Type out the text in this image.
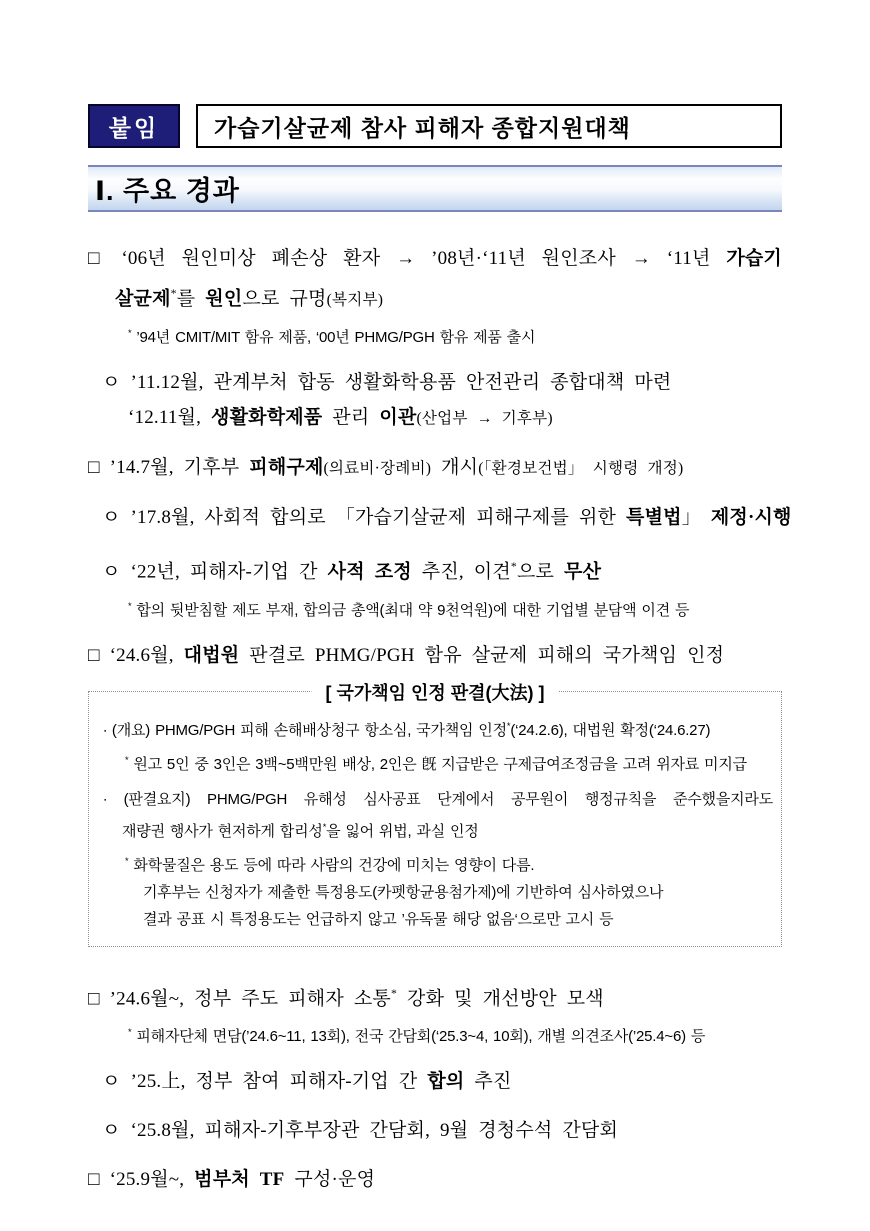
붙임 가습기살균제 참사 피해자 종합지원대책
Ⅰ. 주요 경과
□ ‘06년 원인미상 폐손상 환자 → ’08년·‘11년 원인조사 → ‘11년 가습기
살균제*를 원인으로 규명(복지부)
* ’94년 CMIT/MIT 함유 제품, ‘00년 PHMG/PGH 함유 제품 출시
ㅇ ’11.12월, 관계부처 합동 생활화학용품 안전관리 종합대책 마련
‘12.11월, 생활화학제품 관리 이관(산업부 → 기후부)
□ ’14.7월, 기후부 피해구제(의료비·장례비) 개시(「환경보건법」 시행령 개정)
ㅇ ’17.8월, 사회적 합의로 「가습기살균제 피해구제를 위한 특별법」 제정·시행
ㅇ ‘22년, 피해자-기업 간 사적 조정 추진, 이견*으로 무산
* 합의 뒷받침할 제도 부재, 합의금 총액(최대 약 9천억원)에 대한 기업별 분담액 이견 등
□ ‘24.6월, 대법원 판결로 PHMG/PGH 함유 살균제 피해의 국가책임 인정
[ 국가책임 인정 판결(大法) ]
∙ (개요) PHMG/PGH 피해 손해배상청구 항소심, 국가책임 인정*(‘24.2.6), 대법원 확정(‘24.6.27)
* 원고 5인 중 3인은 3백~5백만원 배상, 2인은 旣 지급받은 구제급여조정금을 고려 위자료 미지급
∙ (판결요지) PHMG/PGH 유해성 심사공표 단계에서 공무원이 행정규칙을 준수했을지라도
재량권 행사가 현저하게 합리성*을 잃어 위법, 과실 인정
* 화학물질은 용도 등에 따라 사람의 건강에 미치는 영향이 다름.
기후부는 신청자가 제출한 특정용도(카펫항균용첨가제)에 기반하여 심사하였으나
결과 공표 시 특정용도는 언급하지 않고 ’유독물 해당 없음‘으로만 고시 등
□ ’24.6월~, 정부 주도 피해자 소통* 강화 및 개선방안 모색
* 피해자단체 면담(’24.6~11, 13회), 전국 간담회(‘25.3~4, 10회), 개별 의견조사(’25.4~6) 등
ㅇ ’25.上, 정부 참여 피해자-기업 간 합의 추진
ㅇ ‘25.8월, 피해자-기후부장관 간담회, 9월 경청수석 간담회
□ ‘25.9월~, 범부처 TF 구성·운영
